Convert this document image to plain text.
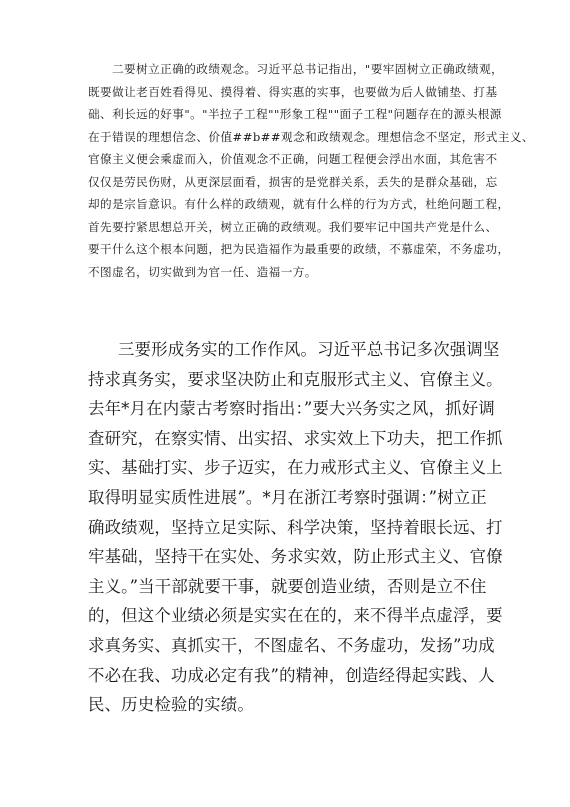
二要树立正确的政绩观念。习近平总书记指出，"要牢固树立正确政绩观，
既要做让老百姓看得见、摸得着、得实惠的实事，也要做为后人做铺垫、打基
础、利长远的好事"。"半拉子工程""形象工程""面子工程"问题存在的源头根源
在于错误的理想信念、价值##b##观念和政绩观念。理想信念不坚定，形式主义、
官僚主义便会乘虚而入，价值观念不正确，问题工程便会浮出水面，其危害不
仅仅是劳民伤财，从更深层面看，损害的是党群关系，丢失的是群众基础，忘
却的是宗旨意识。有什么样的政绩观，就有什么样的行为方式，杜绝问题工程，
首先要拧紧思想总开关，树立正确的政绩观。我们要牢记中国共产党是什么、
要干什么这个根本问题，把为民造福作为最重要的政绩，不慕虚荣，不务虚功，
不图虚名，切实做到为官一任、造福一方。
三要形成务实的工作作风。习近平总书记多次强调坚
持求真务实，要求坚决防止和克服形式主义、官僚主义。
去年*月在内蒙古考察时指出：”要大兴务实之风，抓好调
查研究，在察实情、出实招、求实效上下功夫，把工作抓
实、基础打实、步子迈实，在力戒形式主义、官僚主义上
取得明显实质性进展”。*月在浙江考察时强调：”树立正
确政绩观，坚持立足实际、科学决策，坚持着眼长远、打
牢基础，坚持干在实处、务求实效，防止形式主义、官僚
主义。”当干部就要干事，就要创造业绩，否则是立不住
的，但这个业绩必须是实实在在的，来不得半点虚浮，要
求真务实、真抓实干，不图虚名、不务虚功，发扬”功成
不必在我、功成必定有我”的精神，创造经得起实践、人
民、历史检验的实绩。
